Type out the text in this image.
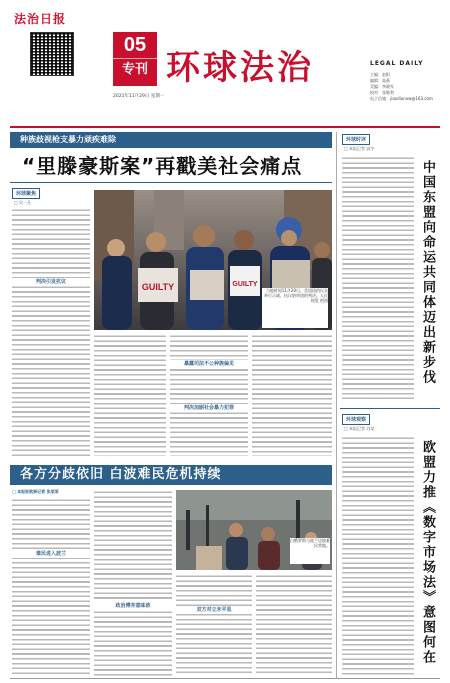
法治日报
05
专刊 环球法治
2021年11月29日 星期一
LEGAL DAILY
主编：赵阳
编辑：高燕
美编：李晓军
校对：张敏利
电子信箱：jiaodianxw@163.com
种族歧视枪支暴力顽疾难除
“里滕豪斯案”再戳美社会痛点
环球聚焦
□ 吴一凡
判决引发抗议	GUILTY	GUILTY
当地时间11月20日，美国纽约民众举行示威，抗议陪审团的判决。人民视觉 供图
暴露司法不公种族偏见
判决加剧社会暴力犯罪
各方分歧依旧 白波难民危机持续
□ 本报驻欧洲记者 张某某
难民进入波兰
政治博弈意味浓
白俄罗斯与波兰边境难民营地。
双方对立未平息
环球时评
□ 本报记者 高宇
中国东盟向命运共同体迈出新步伐
环球观察
□ 本报记者 苏某
欧盟力推《数字市场法》意图何在
